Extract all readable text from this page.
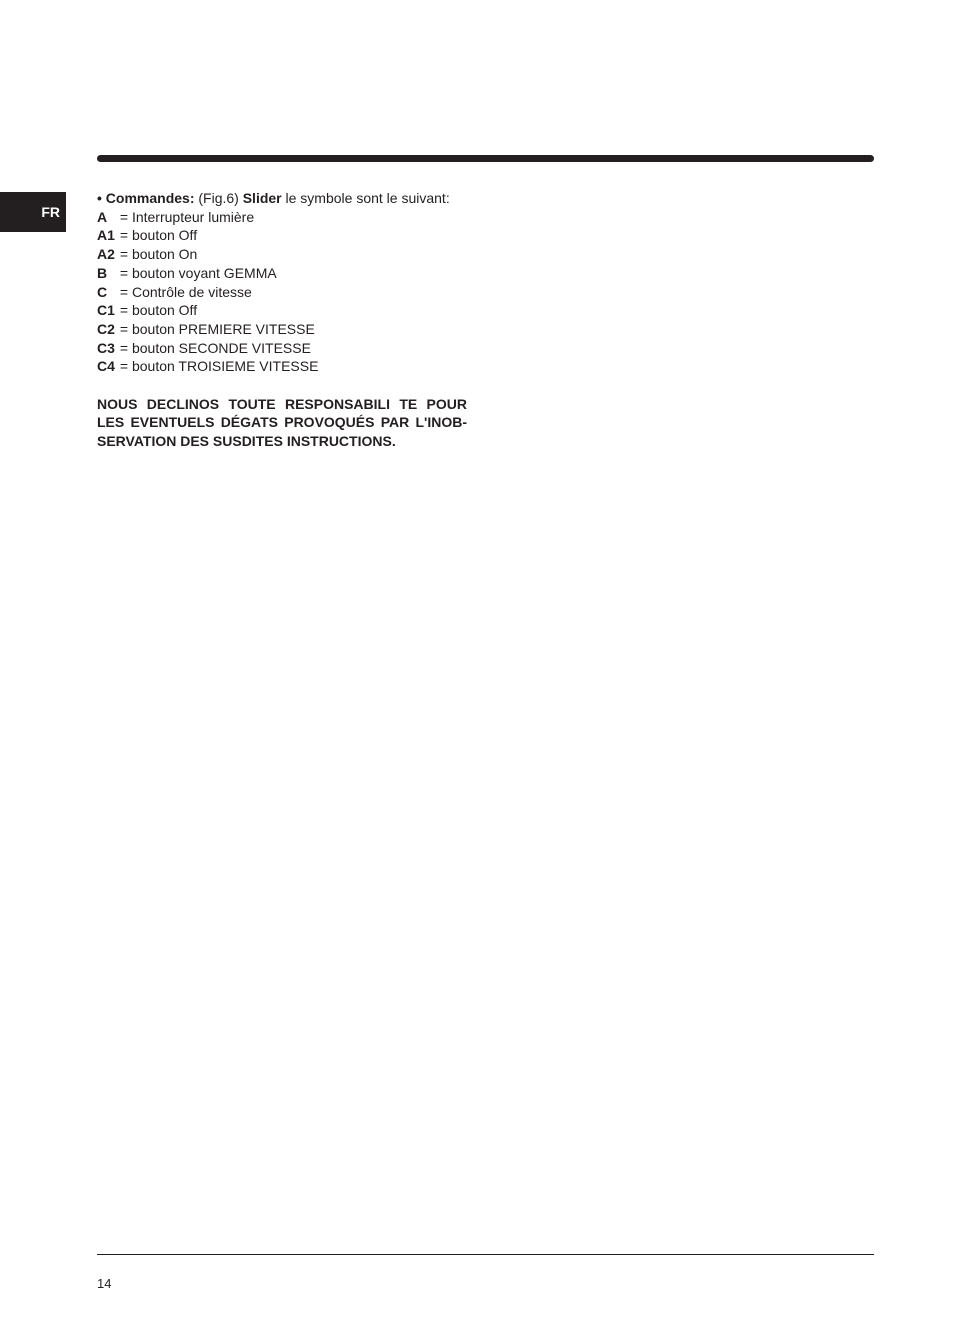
FR
• Commandes: (Fig.6) Slider le symbole sont le suivant:
A = Interrupteur lumière
A1 = bouton Off
A2 = bouton On
B = bouton voyant GEMMA
C = Contrôle de vitesse
C1 = bouton Off
C2 = bouton PREMIERE VITESSE
C3 = bouton SECONDE VITESSE
C4 = bouton TROISIEME VITESSE
NOUS DECLINOS TOUTE RESPONSABILI TE POUR
LES EVENTUELS DÉGATS PROVOQUÉS PAR L'INOB-
SERVATION DES SUSDITES INSTRUCTIONS.
14
